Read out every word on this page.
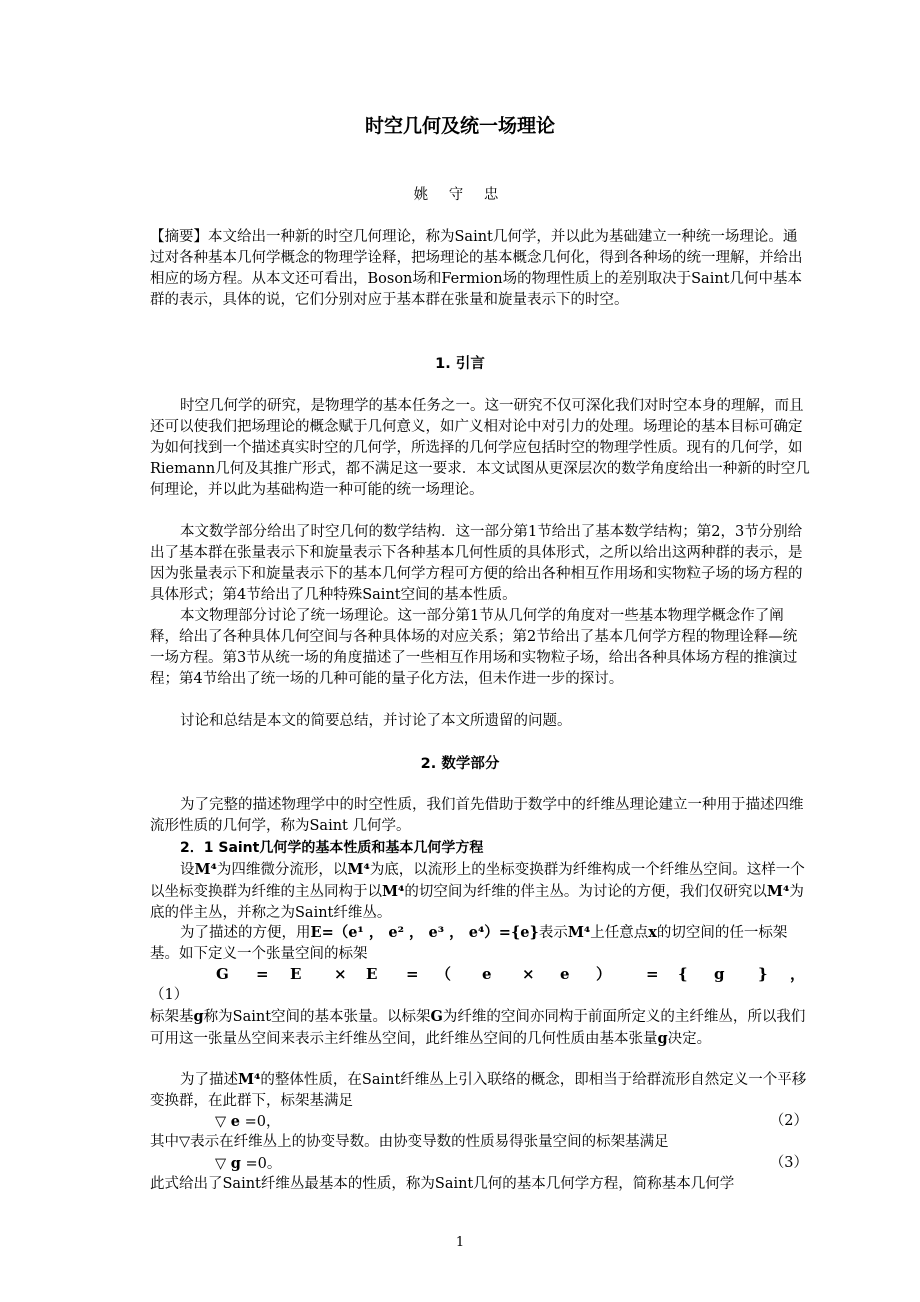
时空几何及统一场理论
姚 守 忠

【摘要】本文给出一种新的时空几何理论，称为Saint几何学，并以此为基础建立一种统一场理论。通过对各种基本几何学概念的物理学诠释，把场理论的基本概念几何化，得到各种场的统一理解，并给出相应的场方程。从本文还可看出，Boson场和Fermion场的物理性质上的差别取决于Saint几何中基本群的表示，具体的说，它们分别对应于基本群在张量和旋量表示下的时空。

1. 引言

时空几何学的研究，是物理学的基本任务之一。这一研究不仅可深化我们对时空本身的理解，而且还可以使我们把场理论的概念赋于几何意义，如广义相对论中对引力的处理。场理论的基本目标可确定为如何找到一个描述真实时空的几何学，所选择的几何学应包括时空的物理学性质。现有的几何学，如Riemann几何及其推广形式，都不满足这一要求．本文试图从更深层次的数学角度给出一种新的时空几何理论，并以此为基础构造一种可能的统一场理论。

本文数学部分给出了时空几何的数学结构．这一部分第1节给出了基本数学结构；第2，3节分别给出了基本群在张量表示下和旋量表示下各种基本几何性质的具体形式，之所以给出这两种群的表示，是因为张量表示下和旋量表示下的基本几何学方程可方便的给出各种相互作用场和实物粒子场的场方程的具体形式；第4节给出了几种特殊Saint空间的基本性质。

本文物理部分讨论了统一场理论。这一部分第1节从几何学的角度对一些基本物理学概念作了阐释，给出了各种具体几何空间与各种具体场的对应关系；第2节给出了基本几何学方程的物理诠释—统一场方程。第3节从统一场的角度描述了一些相互作用场和实物粒子场，给出各种具体场方程的推演过程；第4节给出了统一场的几种可能的量子化方法，但未作进一步的探讨。

讨论和总结是本文的简要总结，并讨论了本文所遗留的问题。

2. 数学部分

为了完整的描述物理学中的时空性质，我们首先借助于数学中的纤维丛理论建立一种用于描述四维流形性质的几何学，称为Saint 几何学。

2．1 Saint几何学的基本性质和基本几何学方程

设M⁴为四维微分流形，以M⁴为底，以流形上的坐标变换群为纤维构成一个纤维丛空间。这样一个以坐标变换群为纤维的主丛同构于以M⁴的切空间为纤维的伴主丛。为讨论的方便，我们仅研究以M⁴为底的伴主丛，并称之为Saint纤维丛。

为了描述的方便，用E=（e¹ ， e² ， e³ ， e⁴）={e}表示M⁴上任意点x的切空间的任一标架基。如下定义一个张量空间的标架

G = E × E = （ e × e ） = { g } ，
（1）

标架基g称为Saint空间的基本张量。以标架G为纤维的空间亦同构于前面所定义的主纤维丛，所以我们可用这一张量丛空间来表示主纤维丛空间，此纤维丛空间的几何性质由基本张量g决定。

为了描述M⁴的整体性质，在Saint纤维丛上引入联络的概念，即相当于给群流形自然定义一个平移变换群，在此群下，标架基满足

▽ e =0，	（2）

其中▽表示在纤维丛上的协变导数。由协变导数的性质易得张量空间的标架基满足

▽ g =0。	（3）

此式给出了Saint纤维丛最基本的性质，称为Saint几何的基本几何学方程，简称基本几何学

1
